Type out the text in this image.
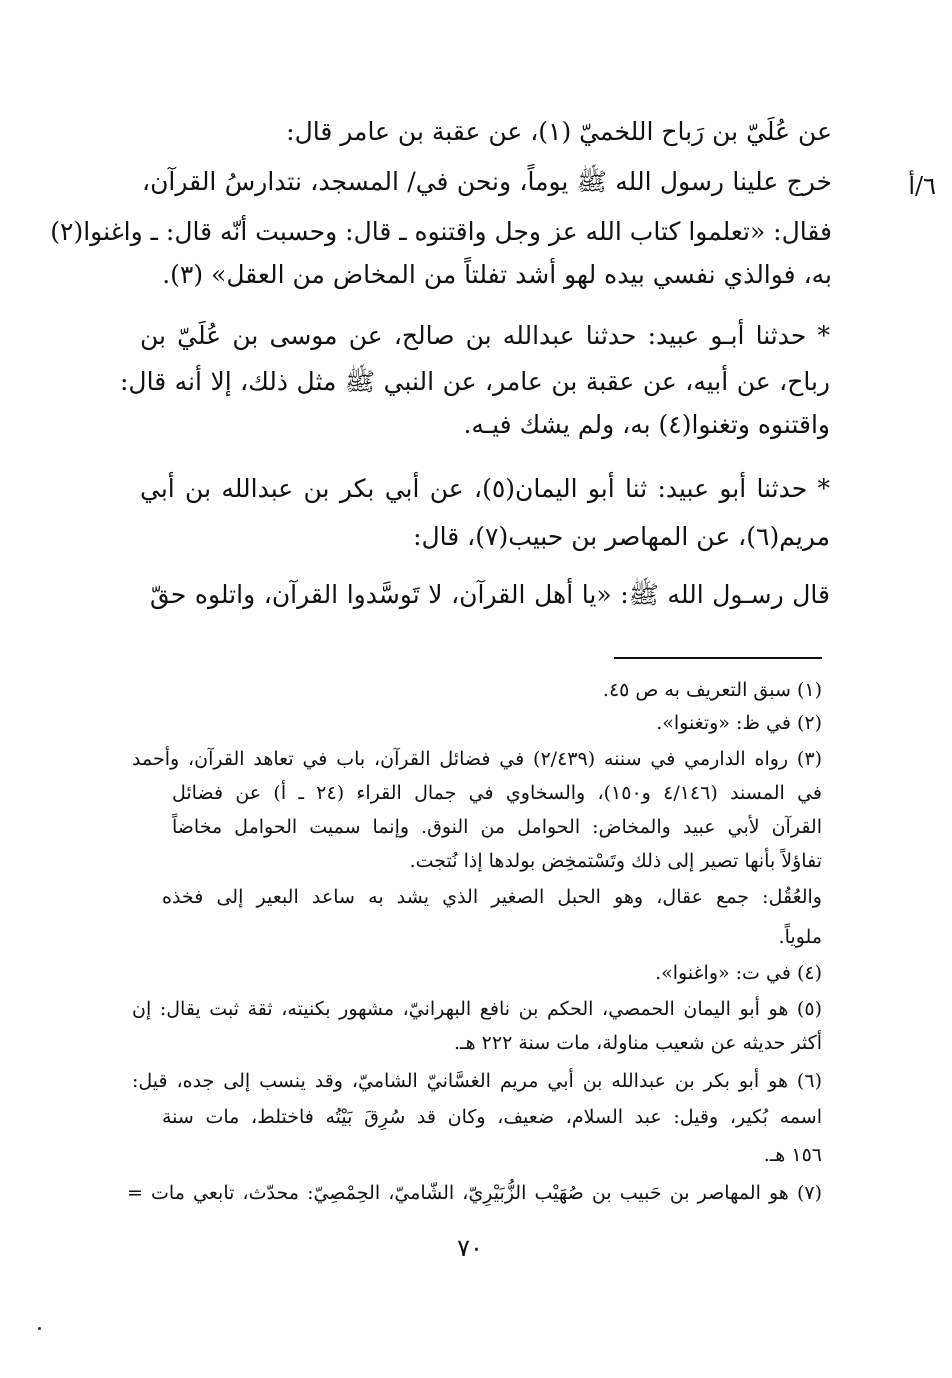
٦/أ
عن عُلَيّ بن رَباح اللخميّ (١)، عن عقبة بن عامر قال:
خرج علينا رسول الله ﷺ يوماً، ونحن في/ المسجد، نتدارسُ القرآن،
فقال: «تعلموا كتاب الله عز وجل واقتنوه ـ قال: وحسبت أنّه قال: ـ واغنوا(٢)
به، فوالذي نفسي بيده لهو أشد تفلتاً من المخاض من العقل» (٣).
* حدثنا أبـو عبيد: حدثنا عبدالله بن صالح، عن موسى بن عُلَيّ بن
رباح، عن أبيه، عن عقبة بن عامر، عن النبي ﷺ مثل ذلك، إلا أنه قال:
واقتنوه وتغنوا(٤) به، ولم يشك فيـه.
* حدثنا أبو عبيد: ثنا أبو اليمان(٥)، عن أبي بكر بن عبدالله بن أبي
مريم(٦)، عن المهاصر بن حبيب(٧)، قال:
قال رسـول الله ﷺ: «يا أهل القرآن، لا تَوسَّدوا القرآن، واتلوه حقّ
(١) سبق التعريف به ص ٤٥.
(٢) في ظ: «وتغنوا».
(٣) رواه الدارمي في سننه (٢/٤٣٩) في فضائل القرآن، باب في تعاهد القرآن، وأحمد
في المسند (٤/١٤٦ و١٥٠)، والسخاوي في جمال القراء (٢٤ ـ أ) عن فضائل
القرآن لأبي عبيد والمخاض: الحوامل من النوق. وإنما سميت الحوامل مخاضاً
تفاؤلاً بأنها تصير إلى ذلك وتَسْتمخِض بولدها إذا نُتجت.
والعُقُل: جمع عقال، وهو الحبل الصغير الذي يشد به ساعد البعير إلى فخذه
ملوياً.
(٤) في ت: «واغنوا».
(٥) هو أبو اليمان الحمصي، الحكم بن نافع البهرانيّ، مشهور بكنيته، ثقة ثبت يقال: إن
أكثر حديثه عن شعيب مناولة، مات سنة ٢٢٢ هـ.
(٦) هو أبو بكر بن عبدالله بن أبي مريم الغسَّانيّ الشاميّ، وقد ينسب إلى جده، قيل:
اسمه بُكير، وقيل: عبد السلام، ضعيف، وكان قد سُرِقَ بَيْتُه فاختلط، مات سنة
١٥٦ هـ.
(٧) هو المهاصر بن حَبيب بن صُهَيْب الزُّبَيْرِيّ، الشّاميّ، الحِمْصِيّ: محدّث، تابعي مات =
٧٠
